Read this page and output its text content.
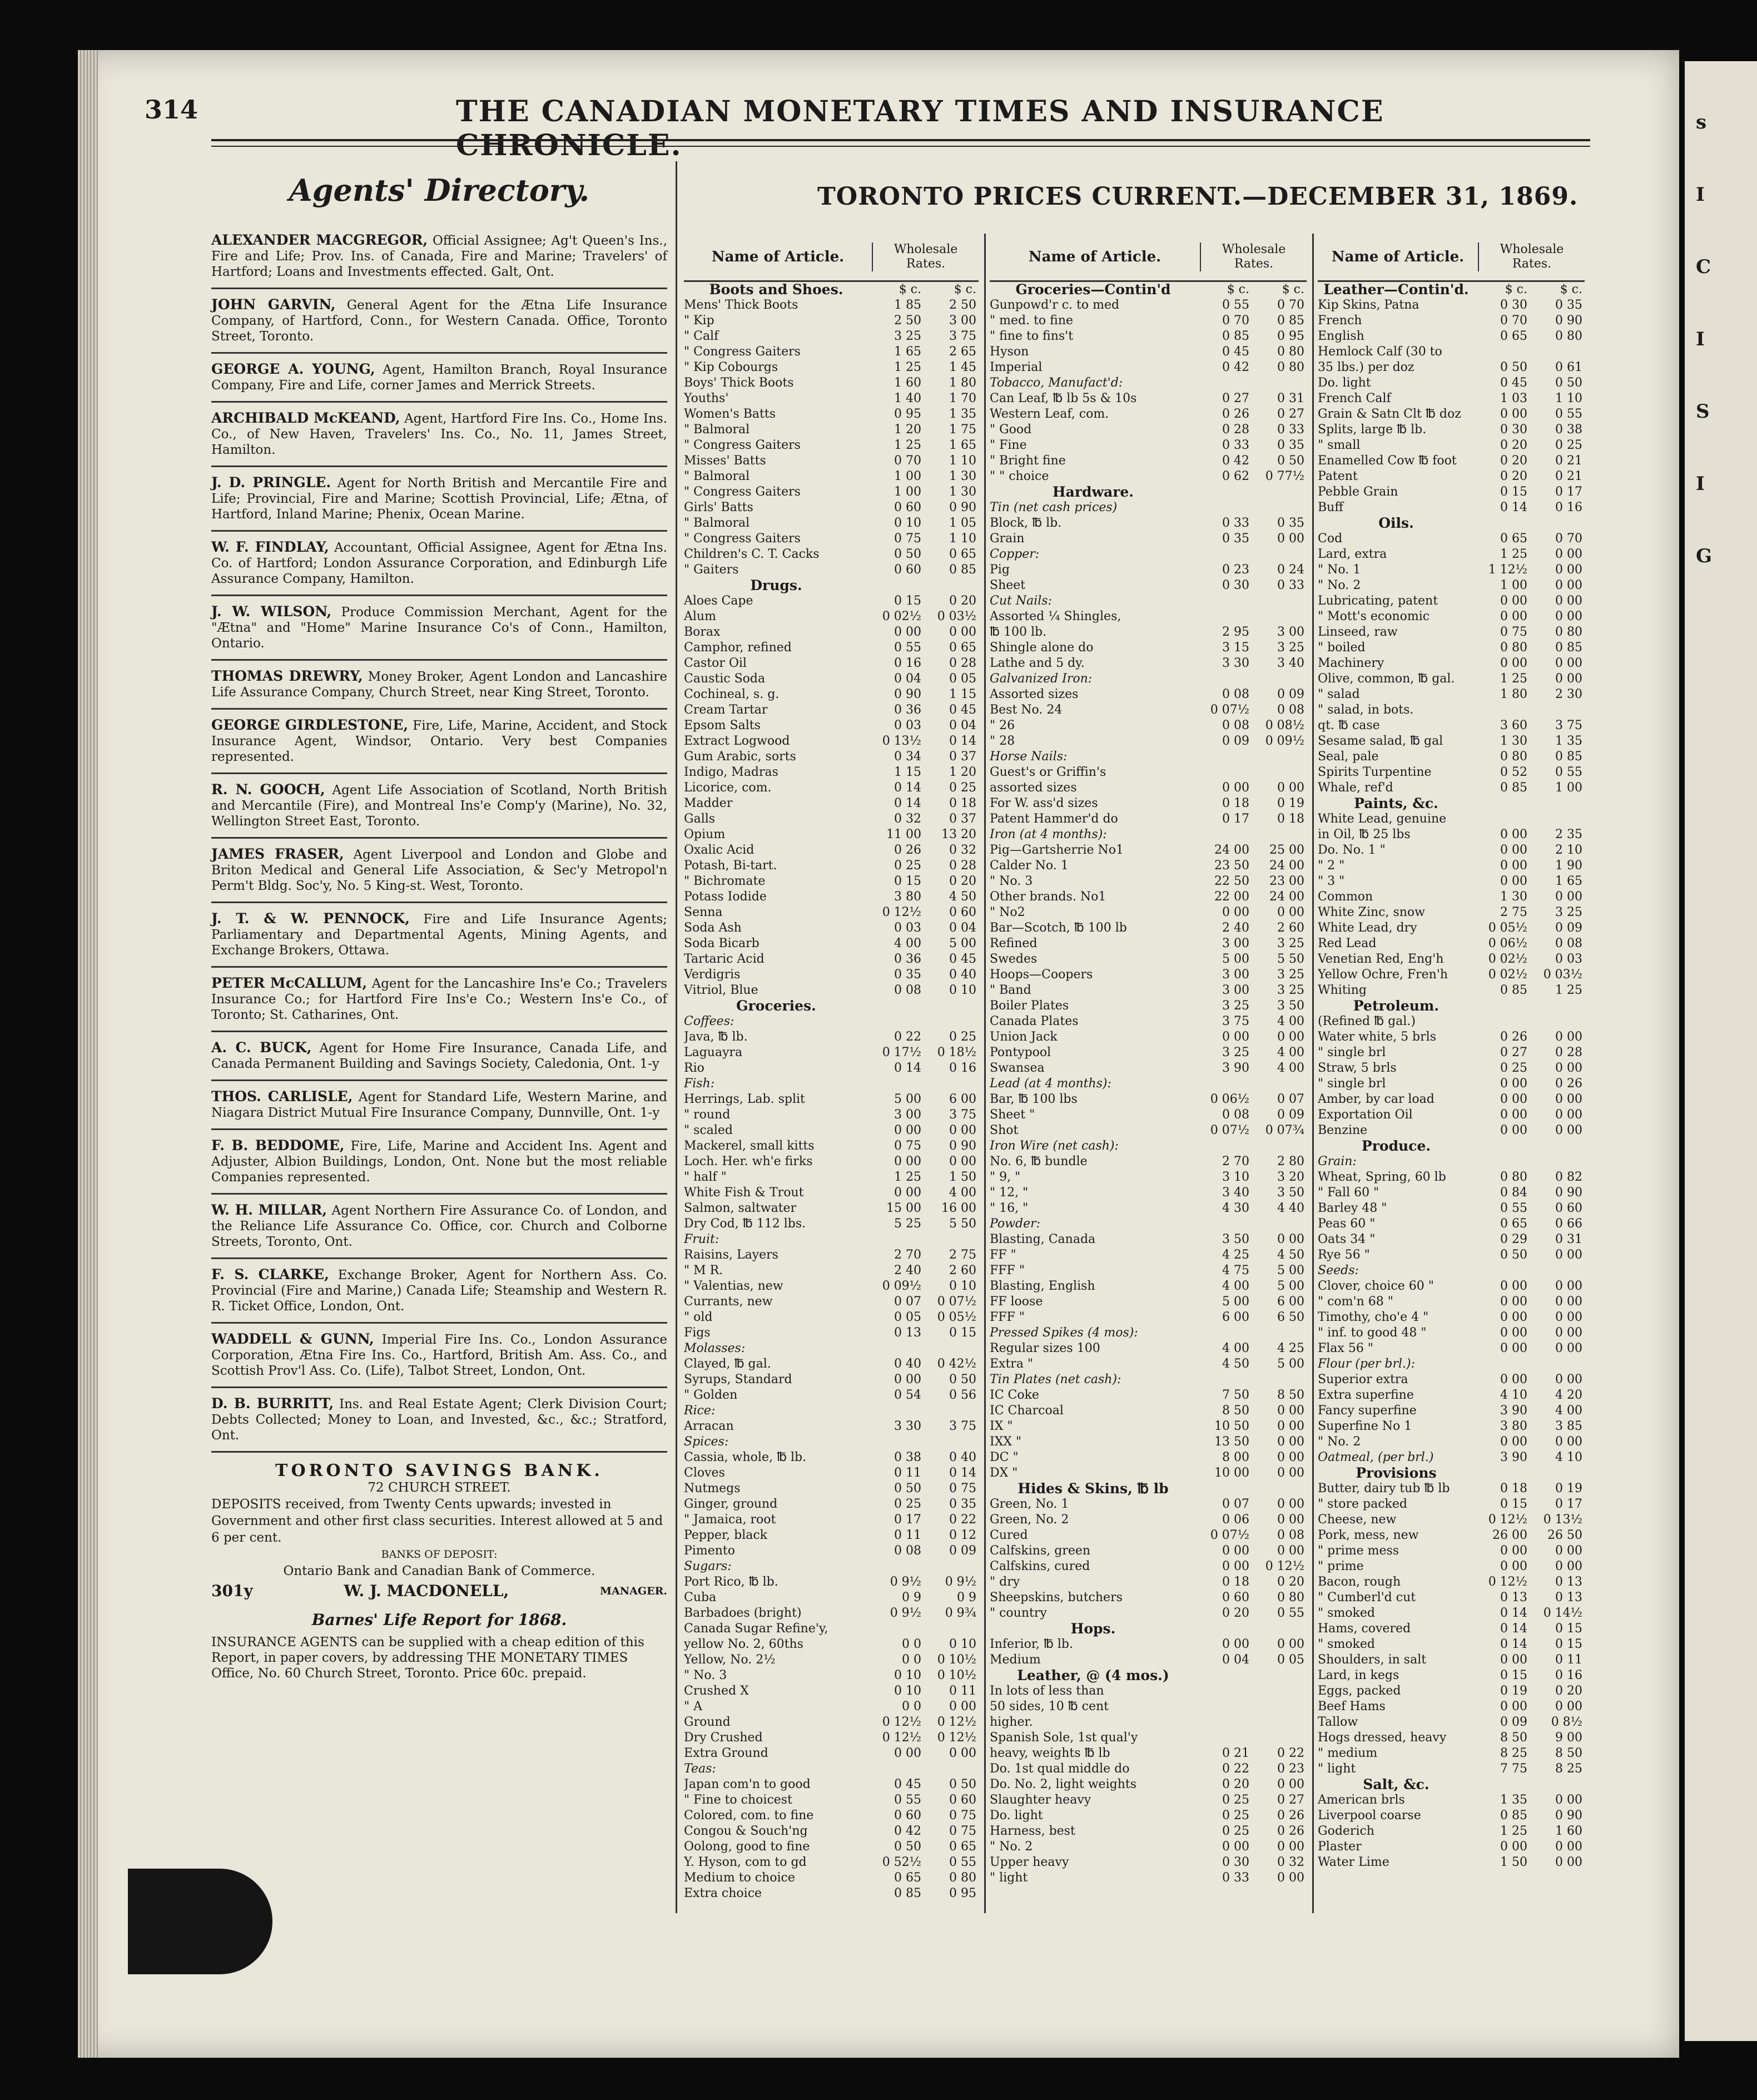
s
I
C
I
S
I
G
314	THE CANADIAN MONETARY TIMES AND INSURANCE CHRONICLE.
Agents' Directory.
ALEXANDER MACGREGOR, Official Assignee; Ag't Queen's Ins., Fire and Life; Prov. Ins. of Canada, Fire and Marine; Travelers' of Hartford; Loans and Investments effected. Galt, Ont.
JOHN GARVIN, General Agent for the Ætna Life Insurance Company, of Hartford, Conn., for Western Canada. Office, Toronto Street, Toronto.
GEORGE A. YOUNG, Agent, Hamilton Branch, Royal Insurance Company, Fire and Life, corner James and Merrick Streets.
ARCHIBALD McKEAND, Agent, Hartford Fire Ins. Co., Home Ins. Co., of New Haven, Travelers' Ins. Co., No. 11, James Street, Hamilton.
J. D. PRINGLE. Agent for North British and Mercantile Fire and Life; Provincial, Fire and Marine; Scottish Provincial, Life; Ætna, of Hartford, Inland Marine; Phenix, Ocean Marine.
W. F. FINDLAY, Accountant, Official Assignee, Agent for Ætna Ins. Co. of Hartford; London Assurance Corporation, and Edinburgh Life Assurance Company, Hamilton.
J. W. WILSON, Produce Commission Merchant, Agent for the "Ætna" and "Home" Marine Insurance Co's of Conn., Hamilton, Ontario.
THOMAS DREWRY, Money Broker, Agent London and Lancashire Life Assurance Company, Church Street, near King Street, Toronto.
GEORGE GIRDLESTONE, Fire, Life, Marine, Accident, and Stock Insurance Agent, Windsor, Ontario. Very best Companies represented.
R. N. GOOCH, Agent Life Association of Scotland, North British and Mercantile (Fire), and Montreal Ins'e Comp'y (Marine), No. 32, Wellington Street East, Toronto.
JAMES FRASER, Agent Liverpool and London and Globe and Briton Medical and General Life Association, & Sec'y Metropol'n Perm't Bldg. Soc'y, No. 5 King-st. West, Toronto.
J. T. & W. PENNOCK, Fire and Life Insurance Agents; Parliamentary and Departmental Agents, Mining Agents, and Exchange Brokers, Ottawa.
PETER McCALLUM, Agent for the Lancashire Ins'e Co.; Travelers Insurance Co.; for Hartford Fire Ins'e Co.; Western Ins'e Co., of Toronto; St. Catharines, Ont.
A. C. BUCK, Agent for Home Fire Insurance, Canada Life, and Canada Permanent Building and Savings Society, Caledonia, Ont. 1-y
THOS. CARLISLE, Agent for Standard Life, Western Marine, and Niagara District Mutual Fire Insurance Company, Dunnville, Ont. 1-y
F. B. BEDDOME, Fire, Life, Marine and Accident Ins. Agent and Adjuster, Albion Buildings, London, Ont. None but the most reliable Companies represented.
W. H. MILLAR, Agent Northern Fire Assurance Co. of London, and the Reliance Life Assurance Co. Office, cor. Church and Colborne Streets, Toronto, Ont.
F. S. CLARKE, Exchange Broker, Agent for Northern Ass. Co. Provincial (Fire and Marine,) Canada Life; Steamship and Western R. R. Ticket Office, London, Ont.
WADDELL & GUNN, Imperial Fire Ins. Co., London Assurance Corporation, Ætna Fire Ins. Co., Hartford, British Am. Ass. Co., and Scottish Prov'l Ass. Co. (Life), Talbot Street, London, Ont.
D. B. BURRITT, Ins. and Real Estate Agent; Clerk Division Court; Debts Collected; Money to Loan, and Invested, &c., &c.; Stratford, Ont.
TORONTO SAVINGS BANK.
72 CHURCH STREET.
DEPOSITS received, from Twenty Cents upwards; invested in Government and other first class securities. Interest allowed at 5 and 6 per cent.
BANKS OF DEPOSIT:
Ontario Bank and Canadian Bank of Commerce.
301y	W. J. MACDONELL,	MANAGER.
Barnes' Life Report for 1868.

INSURANCE AGENTS can be supplied with a cheap edition of this Report, in paper covers, by addressing THE MONETARY TIMES Office, No. 60 Church Street, Toronto. Price 60c. prepaid.

TORONTO PRICES CURRENT.—DECEMBER 31, 1869.
Name of Article.	Wholesale Rates.
Boots and Shoes.	$ c.	$ c.
Mens' Thick Boots	1 85	2 50
" Kip	2 50	3 00
" Calf	3 25	3 75
" Congress Gaiters	1 65	2 65
" Kip Cobourgs	1 25	1 45
Boys' Thick Boots	1 60	1 80
Youths'	1 40	1 70
Women's Batts	0 95	1 35
" Balmoral	1 20	1 75
" Congress Gaiters	1 25	1 65
Misses' Batts	0 70	1 10
" Balmoral	1 00	1 30
" Congress Gaiters	1 00	1 30
Girls' Batts	0 60	0 90
" Balmoral	0 10	1 05
" Congress Gaiters	0 75	1 10
Children's C. T. Cacks	0 50	0 65
" Gaiters	0 60	0 85
Drugs.
Aloes Cape	0 15	0 20
Alum	0 02½	0 03½
Borax	0 00	0 00
Camphor, refined	0 55	0 65
Castor Oil	0 16	0 28
Caustic Soda	0 04	0 05
Cochineal, s. g.	0 90	1 15
Cream Tartar	0 36	0 45
Epsom Salts	0 03	0 04
Extract Logwood	0 13½	0 14
Gum Arabic, sorts	0 34	0 37
Indigo, Madras	1 15	1 20
Licorice, com.	0 14	0 25
Madder	0 14	0 18
Galls	0 32	0 37
Opium	11 00	13 20
Oxalic Acid	0 26	0 32
Potash, Bi-tart.	0 25	0 28
" Bichromate	0 15	0 20
Potass Iodide	3 80	4 50
Senna	0 12½	0 60
Soda Ash	0 03	0 04
Soda Bicarb	4 00	5 00
Tartaric Acid	0 36	0 45
Verdigris	0 35	0 40
Vitriol, Blue	0 08	0 10
Groceries.
Coffees:
Java, ℔ lb.	0 22	0 25
Laguayra	0 17½	0 18½
Rio	0 14	0 16
Fish:
Herrings, Lab. split	5 00	6 00
" round	3 00	3 75
" scaled	0 00	0 00
Mackerel, small kitts	0 75	0 90
Loch. Her. wh'e firks	0 00	0 00
" half "	1 25	1 50
White Fish & Trout	0 00	4 00
Salmon, saltwater	15 00	16 00
Dry Cod, ℔ 112 lbs.	5 25	5 50
Fruit:
Raisins, Layers	2 70	2 75
" M R.	2 40	2 60
" Valentias, new	0 09½	0 10
Currants, new	0 07	0 07½
" old	0 05	0 05½
Figs	0 13	0 15
Molasses:
Clayed, ℔ gal.	0 40	0 42½
Syrups, Standard	0 00	0 50
" Golden	0 54	0 56
Rice:
Arracan	3 30	3 75
Spices:
Cassia, whole, ℔ lb.	0 38	0 40
Cloves	0 11	0 14
Nutmegs	0 50	0 75
Ginger, ground	0 25	0 35
" Jamaica, root	0 17	0 22
Pepper, black	0 11	0 12
Pimento	0 08	0 09
Sugars:
Port Rico, ℔ lb.	0 9½	0 9½
Cuba	0 9	0 9
Barbadoes (bright)	0 9½	0 9¾
Canada Sugar Refine'y,
yellow No. 2, 60ths	0 0	0 10
Yellow, No. 2½	0 0	0 10½
" No. 3	0 10	0 10½
Crushed X	0 10	0 11
" A	0 0	0 00
Ground	0 12½	0 12½
Dry Crushed	0 12½	0 12½
Extra Ground	0 00	0 00
Teas:
Japan com'n to good	0 45	0 50
" Fine to choicest	0 55	0 60
Colored, com. to fine	0 60	0 75
Congou & Souch'ng	0 42	0 75
Oolong, good to fine	0 50	0 65
Y. Hyson, com to gd	0 52½	0 55
Medium to choice	0 65	0 80
Extra choice	0 85	0 95
Name of Article.	Wholesale Rates.
Groceries—Contin'd	$ c.	$ c.
Gunpowd'r c. to med	0 55	0 70
" med. to fine	0 70	0 85
" fine to fins't	0 85	0 95
Hyson	0 45	0 80
Imperial	0 42	0 80
Tobacco, Manufact'd:
Can Leaf, ℔ lb 5s & 10s	0 27	0 31
Western Leaf, com.	0 26	0 27
" Good	0 28	0 33
" Fine	0 33	0 35
" Bright fine	0 42	0 50
" " choice	0 62	0 77½
Hardware.
Tin (net cash prices)
Block, ℔ lb.	0 33	0 35
Grain	0 35	0 00
Copper:
Pig	0 23	0 24
Sheet	0 30	0 33
Cut Nails:
Assorted ¼ Shingles,
℔ 100 lb.	2 95	3 00
Shingle alone do	3 15	3 25
Lathe and 5 dy.	3 30	3 40
Galvanized Iron:
Assorted sizes	0 08	0 09
Best No. 24	0 07½	0 08
" 26	0 08	0 08½
" 28	0 09	0 09½
Horse Nails:
Guest's or Griffin's
assorted sizes	0 00	0 00
For W. ass'd sizes	0 18	0 19
Patent Hammer'd do	0 17	0 18
Iron (at 4 months):
Pig—Gartsherrie No1	24 00	25 00
Calder No. 1	23 50	24 00
" No. 3	22 50	23 00
Other brands. No1	22 00	24 00
" No2	0 00	0 00
Bar—Scotch, ℔ 100 lb	2 40	2 60
Refined	3 00	3 25
Swedes	5 00	5 50
Hoops—Coopers	3 00	3 25
" Band	3 00	3 25
Boiler Plates	3 25	3 50
Canada Plates	3 75	4 00
Union Jack	0 00	0 00
Pontypool	3 25	4 00
Swansea	3 90	4 00
Lead (at 4 months):
Bar, ℔ 100 lbs	0 06½	0 07
Sheet "	0 08	0 09
Shot	0 07½	0 07¾
Iron Wire (net cash):
No. 6, ℔ bundle	2 70	2 80
" 9, "	3 10	3 20
" 12, "	3 40	3 50
" 16, "	4 30	4 40
Powder:
Blasting, Canada	3 50	0 00
FF "	4 25	4 50
FFF "	4 75	5 00
Blasting, English	4 00	5 00
FF loose	5 00	6 00
FFF "	6 00	6 50
Pressed Spikes (4 mos):
Regular sizes 100	4 00	4 25
Extra "	4 50	5 00
Tin Plates (net cash):
IC Coke	7 50	8 50
IC Charcoal	8 50	0 00
IX "	10 50	0 00
IXX "	13 50	0 00
DC "	8 00	0 00
DX "	10 00	0 00
Hides & Skins, ℔ lb
Green, No. 1	0 07	0 00
Green, No. 2	0 06	0 00
Cured	0 07½	0 08
Calfskins, green	0 00	0 00
Calfskins, cured	0 00	0 12½
" dry	0 18	0 20
Sheepskins, butchers	0 60	0 80
" country	0 20	0 55
Hops.
Inferior, ℔ lb.	0 00	0 00
Medium	0 04	0 05
Leather, @ (4 mos.)
In lots of less than
50 sides, 10 ℔ cent
higher.
Spanish Sole, 1st qual'y
heavy, weights ℔ lb	0 21	0 22
Do. 1st qual middle do	0 22	0 23
Do. No. 2, light weights	0 20	0 00
Slaughter heavy	0 25	0 27
Do. light	0 25	0 26
Harness, best	0 25	0 26
" No. 2	0 00	0 00
Upper heavy	0 30	0 32
" light	0 33	0 00
Name of Article.	Wholesale Rates.
Leather—Contin'd.	$ c.	$ c.
Kip Skins, Patna	0 30	0 35
French	0 70	0 90
English	0 65	0 80
Hemlock Calf (30 to
35 lbs.) per doz	0 50	0 61
Do. light	0 45	0 50
French Calf	1 03	1 10
Grain & Satn Clt ℔ doz	0 00	0 55
Splits, large ℔ lb.	0 30	0 38
" small	0 20	0 25
Enamelled Cow ℔ foot	0 20	0 21
Patent	0 20	0 21
Pebble Grain	0 15	0 17
Buff	0 14	0 16
Oils.
Cod	0 65	0 70
Lard, extra	1 25	0 00
" No. 1	1 12½	0 00
" No. 2	1 00	0 00
Lubricating, patent	0 00	0 00
" Mott's economic	0 00	0 00
Linseed, raw	0 75	0 80
" boiled	0 80	0 85
Machinery	0 00	0 00
Olive, common, ℔ gal.	1 25	0 00
" salad	1 80	2 30
" salad, in bots.
qt. ℔ case	3 60	3 75
Sesame salad, ℔ gal	1 30	1 35
Seal, pale	0 80	0 85
Spirits Turpentine	0 52	0 55
Whale, ref'd	0 85	1 00
Paints, &c.
White Lead, genuine
in Oil, ℔ 25 lbs	0 00	2 35
Do. No. 1 "	0 00	2 10
" 2 "	0 00	1 90
" 3 "	0 00	1 65
Common	1 30	0 00
White Zinc, snow	2 75	3 25
White Lead, dry	0 05½	0 09
Red Lead	0 06½	0 08
Venetian Red, Eng'h	0 02½	0 03
Yellow Ochre, Fren'h	0 02½	0 03½
Whiting	0 85	1 25
Petroleum.
(Refined ℔ gal.)
Water white, 5 brls	0 26	0 00
" single brl	0 27	0 28
Straw, 5 brls	0 25	0 00
" single brl	0 00	0 26
Amber, by car load	0 00	0 00
Exportation Oil	0 00	0 00
Benzine	0 00	0 00
Produce.
Grain:
Wheat, Spring, 60 lb	0 80	0 82
" Fall 60 "	0 84	0 90
Barley 48 "	0 55	0 60
Peas 60 "	0 65	0 66
Oats 34 "	0 29	0 31
Rye 56 "	0 50	0 00
Seeds:
Clover, choice 60 "	0 00	0 00
" com'n 68 "	0 00	0 00
Timothy, cho'e 4 "	0 00	0 00
" inf. to good 48 "	0 00	0 00
Flax 56 "	0 00	0 00
Flour (per brl.):
Superior extra	0 00	0 00
Extra superfine	4 10	4 20
Fancy superfine	3 90	4 00
Superfine No 1	3 80	3 85
" No. 2	0 00	0 00
Oatmeal, (per brl.)	3 90	4 10
Provisions
Butter, dairy tub ℔ lb	0 18	0 19
" store packed	0 15	0 17
Cheese, new	0 12½	0 13½
Pork, mess, new	26 00	26 50
" prime mess	0 00	0 00
" prime	0 00	0 00
Bacon, rough	0 12½	0 13
" Cumberl'd cut	0 13	0 13
" smoked	0 14	0 14½
Hams, covered	0 14	0 15
" smoked	0 14	0 15
Shoulders, in salt	0 00	0 11
Lard, in kegs	0 15	0 16
Eggs, packed	0 19	0 20
Beef Hams	0 00	0 00
Tallow	0 09	0 8½
Hogs dressed, heavy	8 50	9 00
" medium	8 25	8 50
" light	7 75	8 25
Salt, &c.
American brls	1 35	0 00
Liverpool coarse	0 85	0 90
Goderich	1 25	1 60
Plaster	0 00	0 00
Water Lime	1 50	0 00
